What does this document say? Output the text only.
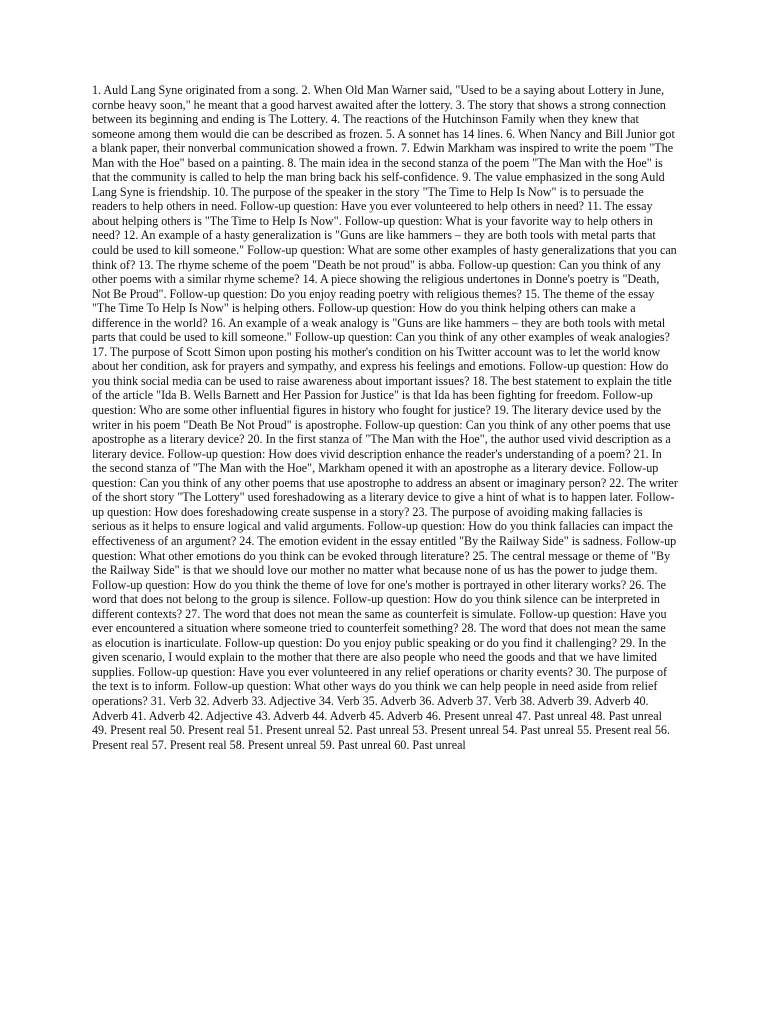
1. Auld Lang Syne originated from a song. 2. When Old Man Warner said, "Used to be a saying about Lottery in June, cornbe heavy soon," he meant that a good harvest awaited after the lottery. 3. The story that shows a strong connection between its beginning and ending is The Lottery. 4. The reactions of the Hutchinson Family when they knew that someone among them would die can be described as frozen. 5. A sonnet has 14 lines. 6. When Nancy and Bill Junior got a blank paper, their nonverbal communication showed a frown. 7. Edwin Markham was inspired to write the poem "The Man with the Hoe" based on a painting. 8. The main idea in the second stanza of the poem "The Man with the Hoe" is that the community is called to help the man bring back his self-confidence. 9. The value emphasized in the song Auld Lang Syne is friendship. 10. The purpose of the speaker in the story "The Time to Help Is Now" is to persuade the readers to help others in need. Follow-up question: Have you ever volunteered to help others in need? 11. The essay about helping others is "The Time to Help Is Now". Follow-up question: What is your favorite way to help others in need? 12. An example of a hasty generalization is "Guns are like hammers – they are both tools with metal parts that could be used to kill someone." Follow-up question: What are some other examples of hasty generalizations that you can think of? 13. The rhyme scheme of the poem "Death be not proud" is abba. Follow-up question: Can you think of any other poems with a similar rhyme scheme? 14. A piece showing the religious undertones in Donne's poetry is "Death, Not Be Proud". Follow-up question: Do you enjoy reading poetry with religious themes? 15. The theme of the essay "The Time To Help Is Now" is helping others. Follow-up question: How do you think helping others can make a difference in the world? 16. An example of a weak analogy is "Guns are like hammers – they are both tools with metal parts that could be used to kill someone." Follow-up question: Can you think of any other examples of weak analogies? 17. The purpose of Scott Simon upon posting his mother's condition on his Twitter account was to let the world know about her condition, ask for prayers and sympathy, and express his feelings and emotions. Follow-up question: How do you think social media can be used to raise awareness about important issues? 18. The best statement to explain the title of the article "Ida B. Wells Barnett and Her Passion for Justice" is that Ida has been fighting for freedom. Follow-up question: Who are some other influential figures in history who fought for justice? 19. The literary device used by the writer in his poem "Death Be Not Proud" is apostrophe. Follow-up question: Can you think of any other poems that use apostrophe as a literary device? 20. In the first stanza of "The Man with the Hoe", the author used vivid description as a literary device. Follow-up question: How does vivid description enhance the reader's understanding of a poem? 21. In the second stanza of "The Man with the Hoe", Markham opened it with an apostrophe as a literary device. Follow-up question: Can you think of any other poems that use apostrophe to address an absent or imaginary person? 22. The writer of the short story "The Lottery" used foreshadowing as a literary device to give a hint of what is to happen later. Follow-up question: How does foreshadowing create suspense in a story? 23. The purpose of avoiding making fallacies is serious as it helps to ensure logical and valid arguments. Follow-up question: How do you think fallacies can impact the effectiveness of an argument? 24. The emotion evident in the essay entitled "By the Railway Side" is sadness. Follow-up question: What other emotions do you think can be evoked through literature? 25. The central message or theme of "By the Railway Side" is that we should love our mother no matter what because none of us has the power to judge them. Follow-up question: How do you think the theme of love for one's mother is portrayed in other literary works? 26. The word that does not belong to the group is silence. Follow-up question: How do you think silence can be interpreted in different contexts? 27. The word that does not mean the same as counterfeit is simulate. Follow-up question: Have you ever encountered a situation where someone tried to counterfeit something? 28. The word that does not mean the same as elocution is inarticulate. Follow-up question: Do you enjoy public speaking or do you find it challenging? 29. In the given scenario, I would explain to the mother that there are also people who need the goods and that we have limited supplies. Follow-up question: Have you ever volunteered in any relief operations or charity events? 30. The purpose of the text is to inform. Follow-up question: What other ways do you think we can help people in need aside from relief operations? 31. Verb 32. Adverb 33. Adjective 34. Verb 35. Adverb 36. Adverb 37. Verb 38. Adverb 39. Adverb 40. Adverb 41. Adverb 42. Adjective 43. Adverb 44. Adverb 45. Adverb 46. Present unreal 47. Past unreal 48. Past unreal 49. Present real 50. Present real 51. Present unreal 52. Past unreal 53. Present unreal 54. Past unreal 55. Present real 56. Present real 57. Present real 58. Present unreal 59. Past unreal 60. Past unreal
